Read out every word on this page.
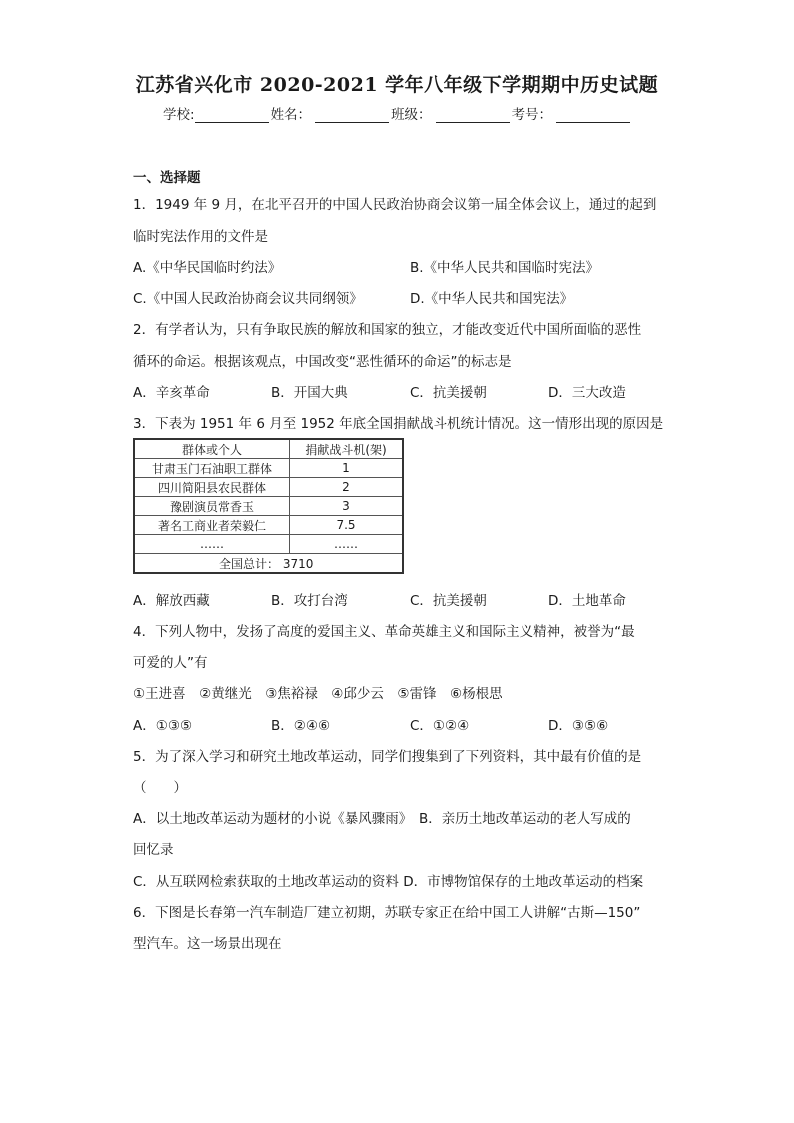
江苏省兴化市 2020-2021 学年八年级下学期期中历史试题
学校:	姓名：	班级：	考号：
一、选择题
1．1949 年 9 月，在北平召开的中国人民政治协商会议第一届全体会议上，通过的起到
临时宪法作用的文件是
A.《中华民国临时约法》	B.《中华人民共和国临时宪法》
C.《中国人民政治协商会议共同纲领》	D.《中华人民共和国宪法》
2．有学者认为，只有争取民族的解放和国家的独立，才能改变近代中国所面临的恶性
循环的命运。根据该观点，中国改变“恶性循环的命运”的标志是
A．辛亥革命	B．开国大典	C．抗美援朝	D．三大改造
3．下表为 1951 年 6 月至 1952 年底全国捐献战斗机统计情况。这一情形出现的原因是
群体或个人	捐献战斗机(架)
甘肃玉门石油职工群体	1
四川简阳县农民群体	2
豫剧演员常香玉	3
著名工商业者荣毅仁	7.5
……	……
全国总计： 3710	
A．解放西藏	B．攻打台湾	C．抗美援朝	D．土地革命
4．下列人物中，发扬了高度的爱国主义、革命英雄主义和国际主义精神，被誉为“最
可爱的人”有
①王进喜　②黄继光　③焦裕禄　④邱少云　⑤雷锋　⑥杨根思
A．①③⑤	B．②④⑥	C．①②④	D．③⑤⑥
5．为了深入学习和研究土地改革运动，同学们搜集到了下列资料，其中最有价值的是
（　　）
A．以土地改革运动为题材的小说《暴风骤雨》　B．亲历土地改革运动的老人写成的
回忆录
C．从互联网检索获取的土地改革运动的资料 D．市博物馆保存的土地改革运动的档案
6．下图是长春第一汽车制造厂建立初期，苏联专家正在给中国工人讲解“古斯—150”
型汽车。这一场景出现在
